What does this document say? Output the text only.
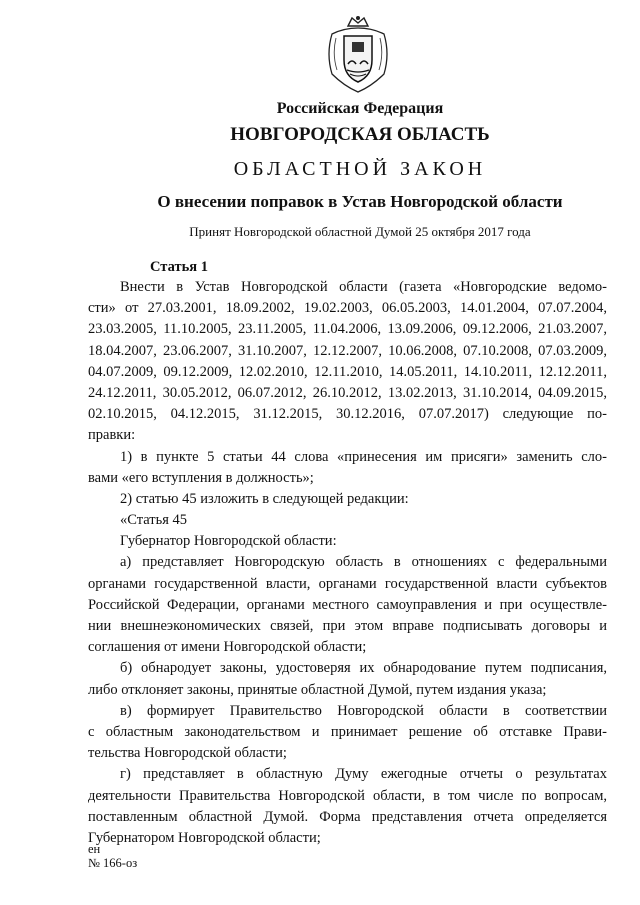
Российская Федерация
НОВГОРОДСКАЯ ОБЛАСТЬ
ОБЛАСТНОЙ ЗАКОН
О внесении поправок в Устав Новгородской области
Принят Новгородской областной Думой 25 октября 2017 года
Статья 1
Внести в Устав Новгородской области (газета «Новгородские ведомо-
сти» от 27.03.2001, 18.09.2002, 19.02.2003, 06.05.2003, 14.01.2004, 07.07.2004,
23.03.2005, 11.10.2005, 23.11.2005, 11.04.2006, 13.09.2006, 09.12.2006, 21.03.2007,
18.04.2007, 23.06.2007, 31.10.2007, 12.12.2007, 10.06.2008, 07.10.2008, 07.03.2009,
04.07.2009, 09.12.2009, 12.02.2010, 12.11.2010, 14.05.2011, 14.10.2011, 12.12.2011,
24.12.2011, 30.05.2012, 06.07.2012, 26.10.2012, 13.02.2013, 31.10.2014, 04.09.2015,
02.10.2015, 04.12.2015, 31.12.2015, 30.12.2016, 07.07.2017) следующие по-
правки:
1) в пункте 5 статьи 44 слова «принесения им присяги» заменить сло-
вами «его вступления в должность»;
2) статью 45 изложить в следующей редакции:
«Статья 45
Губернатор Новгородской области:
а) представляет Новгородскую область в отношениях с федеральными
органами государственной власти, органами государственной власти субъектов
Российской Федерации, органами местного самоуправления и при осуществле-
нии внешнеэкономических связей, при этом вправе подписывать договоры и
соглашения от имени Новгородской области;
б) обнародует законы, удостоверяя их обнародование путем подписания,
либо отклоняет законы, принятые областной Думой, путем издания указа;
в) формирует Правительство Новгородской области в соответствии
с областным законодательством и принимает решение об отставке Прави-
тельства Новгородской области;
г) представляет в областную Думу ежегодные отчеты о результатах
деятельности Правительства Новгородской области, в том числе по вопросам,
поставленным областной Думой. Форма представления отчета определяется
Губернатором Новгородской области;
ен
№ 166-оз
